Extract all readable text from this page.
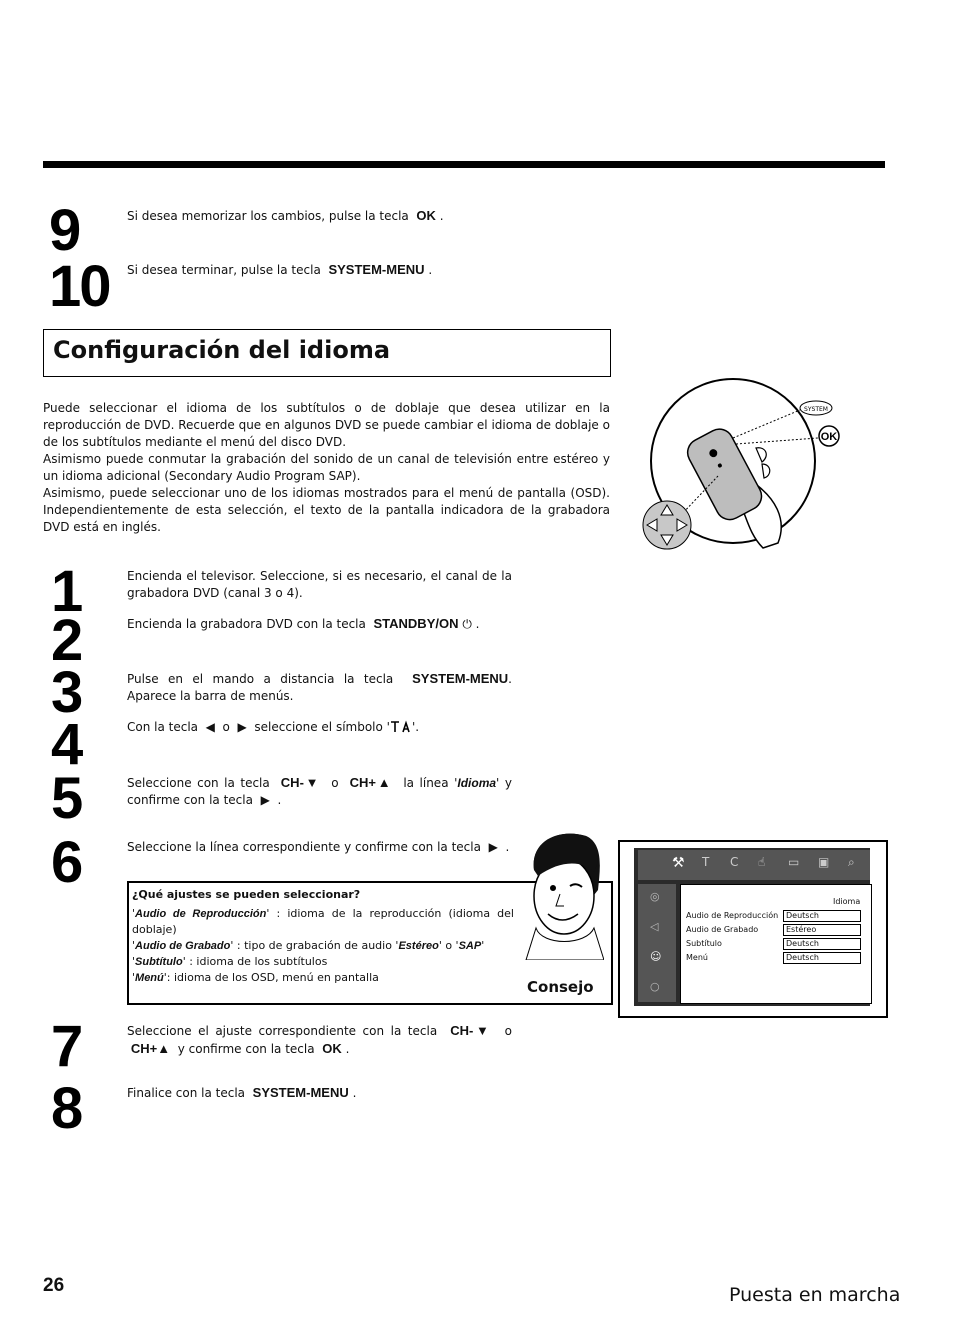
9	Si desea memorizar los cambios, pulse la tecla OK .
10 Si desea terminar, pulse la tecla SYSTEM-MENU .
Configuración del idioma
Puede seleccionar el idioma de los subtítulos o de doblaje que desea utilizar en la reproducción de DVD. Recuerde que en algunos DVD se puede cambiar el idioma de doblaje o de los subtítulos mediante el menú del disco DVD.
Asimismo puede conmutar la grabación del sonido de un canal de televisión entre estéreo y un idioma adicional (Secondary Audio Program SAP).
Asimismo, puede seleccionar uno de los idiomas mostrados para el menú de pantalla (OSD). Independientemente de esta selección, el texto de la pantalla indicadora de la grabadora DVD está en inglés.
SYSTEM
OK
1
2
3
4
5
6
7
8
Encienda el televisor. Seleccione, si es necesario, el canal de la grabadora DVD (canal 3 o 4).
Encienda la grabadora DVD con la tecla STANDBY/ON ⏻ .
Pulse en el mando a distancia la tecla SYSTEM-MENU.
Aparece la barra de menús.
Con la tecla ◀ o ▶ seleccione el símbolo ' '.
Seleccione con la tecla CH-▼ o CH+▲ la línea 'Idioma' y
confirme con la tecla  ▶ .
Seleccione la línea correspondiente y confirme con la tecla ▶ .
¿Qué ajustes se pueden seleccionar?
'Audio de Reproducción' : idioma de la reproducción (idioma del doblaje)
'Audio de Grabado' : tipo de grabación de audio 'Estéreo' o 'SAP'
'Subtítulo' : idioma de los subtítulos
'Menú': idioma de los OSD, menú en pantalla
Consejo
⚒ T C ☝ ▭ ▣ ⌕
◎
◁
☺
○
Idioma
Audio de Reproducción Deutsch
Audio de Grabado	Estéreo
Subtítulo	Deutsch
Menú	Deutsch
Seleccione el ajuste correspondiente con la tecla CH-▼ o
CH+▲ y confirme con la tecla OK .
Finalice con la tecla SYSTEM-MENU .
26	Puesta en marcha
